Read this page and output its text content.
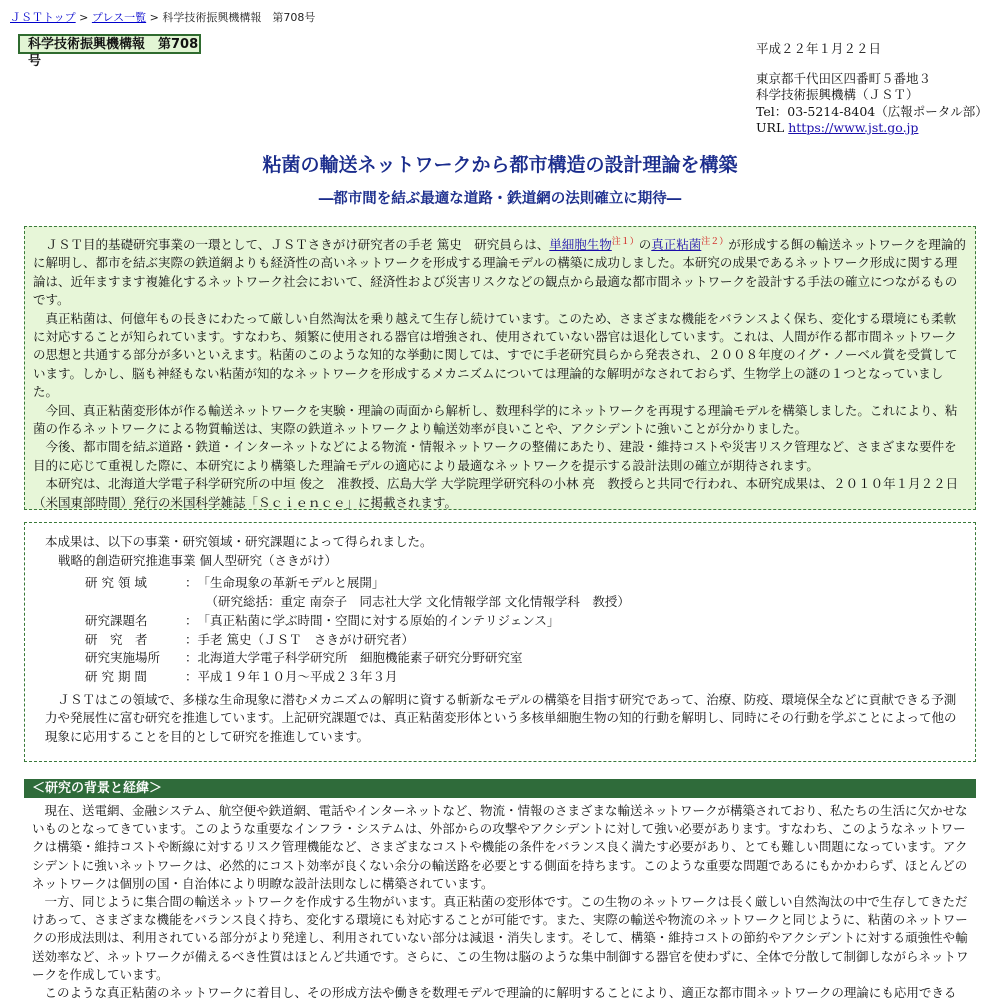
ＪＳＴトップ > プレス一覧 > 科学技術振興機構報　第708号
科学技術振興機構報　第708号
平成２２年１月２２日
東京都千代田区四番町５番地３
科学技術振興機構（ＪＳＴ）
Tel：03-5214-8404（広報ポータル部）
URL https://www.jst.go.jp
粘菌の輸送ネットワークから都市構造の設計理論を構築
―都市間を結ぶ最適な道路・鉄道網の法則確立に期待―

ＪＳＴ目的基礎研究事業の一環として、ＪＳＴさきがけ研究者の手老 篤史　研究員らは、単細胞生物$^{注1)}$の真正粘菌$^{注2)}$が形成する餌の輸送ネットワークを理論的に解明し、都市を結ぶ実際の鉄道網よりも経済性の高いネットワークを形成する理論モデルの構築に成功しました。本研究の成果であるネットワーク形成に関する理論は、近年ますます複雑化するネットワーク社会において、経済性および災害リスクなどの観点から最適な都市間ネットワークを設計する手法の確立につながるものです。

真正粘菌は、何億年もの長きにわたって厳しい自然淘汰を乗り越えて生存し続けています。このため、さまざまな機能をバランスよく保ち、変化する環境にも柔軟に対応することが知られています。すなわち、頻繁に使用される器官は増強され、使用されていない器官は退化しています。これは、人間が作る都市間ネットワークの思想と共通する部分が多いといえます。粘菌のこのような知的な挙動に関しては、すでに手老研究員らから発表され、２００８年度のイグ・ノーベル賞を受賞しています。しかし、脳も神経もない粘菌が知的なネットワークを形成するメカニズムについては理論的な解明がなされておらず、生物学上の謎の１つとなっていました。

今回、真正粘菌変形体が作る輸送ネットワークを実験・理論の両面から解析し、数理科学的にネットワークを再現する理論モデルを構築しました。これにより、粘菌の作るネットワークによる物質輸送は、実際の鉄道ネットワークより輸送効率が良いことや、アクシデントに強いことが分かりました。

今後、都市間を結ぶ道路・鉄道・インターネットなどによる物流・情報ネットワークの整備にあたり、建設・維持コストや災害リスク管理など、さまざまな要件を目的に応じて重視した際に、本研究により構築した理論モデルの適応により最適なネットワークを提示する設計法則の確立が期待されます。

本研究は、北海道大学電子科学研究所の中垣 俊之　准教授、広島大学 大学院理学研究科の小林 亮　教授らと共同で行われ、本研究成果は、２０１０年１月２２日（米国東部時間）発行の米国科学雑誌「Ｓｃｉｅｎｃｅ」に掲載されます。

本成果は、以下の事業・研究領域・研究課題によって得られました。

戦略的創造研究推進事業 個人型研究（さきがけ）

研 究 領 域	：	「生命現象の革新モデルと展開」
（研究総括：重定 南奈子　同志社大学 文化情報学部 文化情報学科　教授）

研究課題名	：	「真正粘菌に学ぶ時間・空間に対する原始的インテリジェンス」
研　究　者	：	手老 篤史（ＪＳＴ　さきがけ研究者）
研究実施場所	：	北海道大学電子科学研究所　細胞機能素子研究分野研究室
研 究 期 間	：	平成１９年１０月～平成２３年３月

ＪＳＴはこの領域で、多様な生命現象に潜むメカニズムの解明に資する斬新なモデルの構築を目指す研究であって、治療、防疫、環境保全などに貢献できる予測力や発展性に富む研究を推進しています。上記研究課題では、真正粘菌変形体という多核単細胞生物の知的行動を解明し、同時にその行動を学ぶことによって他の現象に応用することを目的として研究を推進しています。

＜研究の背景と経緯＞

現在、送電網、金融システム、航空便や鉄道網、電話やインターネットなど、物流・情報のさまざまな輸送ネットワークが構築されており、私たちの生活に欠かせないものとなってきています。このような重要なインフラ・システムは、外部からの攻撃やアクシデントに対して強い必要があります。すなわち、このようなネットワークは構築・維持コストや断線に対するリスク管理機能など、さまざまなコストや機能の条件をバランス良く満たす必要があり、とても難しい問題になっています。アクシデントに強いネットワークは、必然的にコスト効率が良くない余分の輸送路を必要とする側面を持ちます。このような重要な問題であるにもかかわらず、ほとんどのネットワークは個別の国・自治体により明瞭な設計法則なしに構築されています。

一方、同じように集合間の輸送ネットワークを作成する生物がいます。真正粘菌の変形体です。この生物のネットワークは長く厳しい自然淘汰の中で生存してきただけあって、さまざまな機能をバランス良く持ち、変化する環境にも対応することが可能です。また、実際の輸送や物流のネットワークと同じように、粘菌のネットワークの形成法則は、利用されている部分がより発達し、利用されていない部分は減退・消失します。そして、構築・維持コストの節約やアクシデントに対する頑強性や輸送効率など、ネットワークが備えるべき性質はほとんど共通です。さらに、この生物は脳のような集中制御する器官を使わずに、全体で分散して制御しながらネットワークを作成しています。

このような真正粘菌のネットワークに着目し、その形成方法や働きを数理モデルで理論的に解明することにより、適正な都市間ネットワークの理論にも応用できる
